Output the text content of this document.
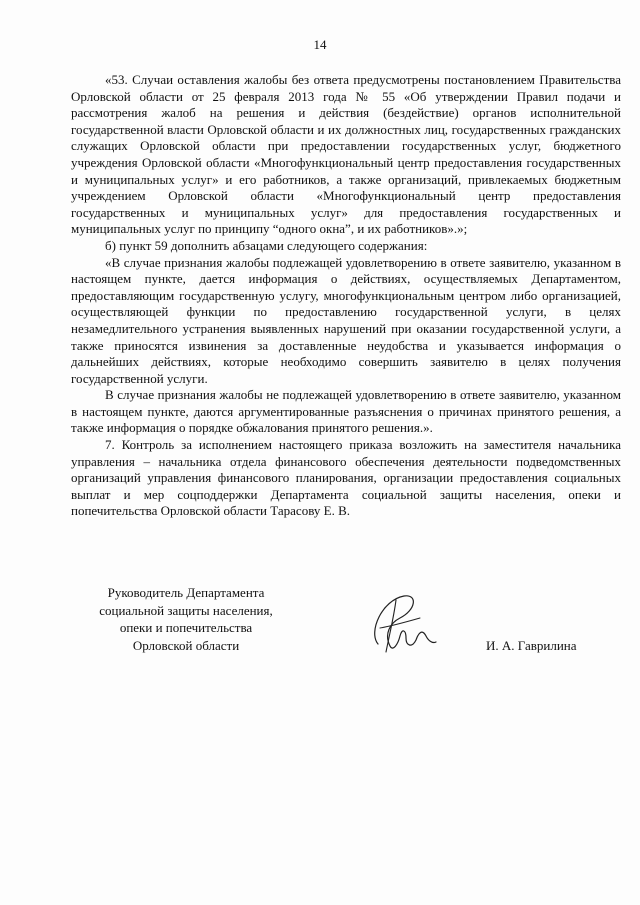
14

«53. Случаи оставления жалобы без ответа предусмотрены постановлением Правительства Орловской области от 25 февраля 2013 года № 55 «Об утверждении Правил подачи и рассмотрения жалоб на решения и действия (бездействие) органов исполнительной государственной власти Орловской области и их должностных лиц, государственных гражданских служащих Орловской области при предоставлении государственных услуг, бюджетного учреждения Орловской области «Многофункциональный центр предоставления государственных и муниципальных услуг» и его работников, а также организаций, привлекаемых бюджетным учреждением Орловской области «Многофункциональный центр предоставления государственных и муниципальных услуг» для предоставления государственных и муниципальных услуг по принципу “одного окна”, и их работников».»;

б) пункт 59 дополнить абзацами следующего содержания:

«В случае признания жалобы подлежащей удовлетворению в ответе заявителю, указанном в настоящем пункте, дается информация о действиях, осуществляемых Департаментом, предоставляющим государственную услугу, многофункциональным центром либо организацией, осуществляющей функции по предоставлению государственной услуги, в целях незамедлительного устранения выявленных нарушений при оказании государственной услуги, а также приносятся извинения за доставленные неудобства и указывается информация о дальнейших действиях, которые необходимо совершить заявителю в целях получения государственной услуги.

В случае признания жалобы не подлежащей удовлетворению в ответе заявителю, указанном в настоящем пункте, даются аргументированные разъяснения о причинах принятого решения, а также информация о порядке обжалования принятого решения.».

7. Контроль за исполнением настоящего приказа возложить на заместителя начальника управления – начальника отдела финансового обеспечения деятельности подведомственных организаций управления финансового планирования, организации предоставления социальных выплат и мер соцподдержки Департамента социальной защиты населения, опеки и попечительства Орловской области Тарасову Е. В.

Руководитель Департамента
социальной защиты населения,
опеки и попечительства
Орловской области	И. А. Гаврилина
